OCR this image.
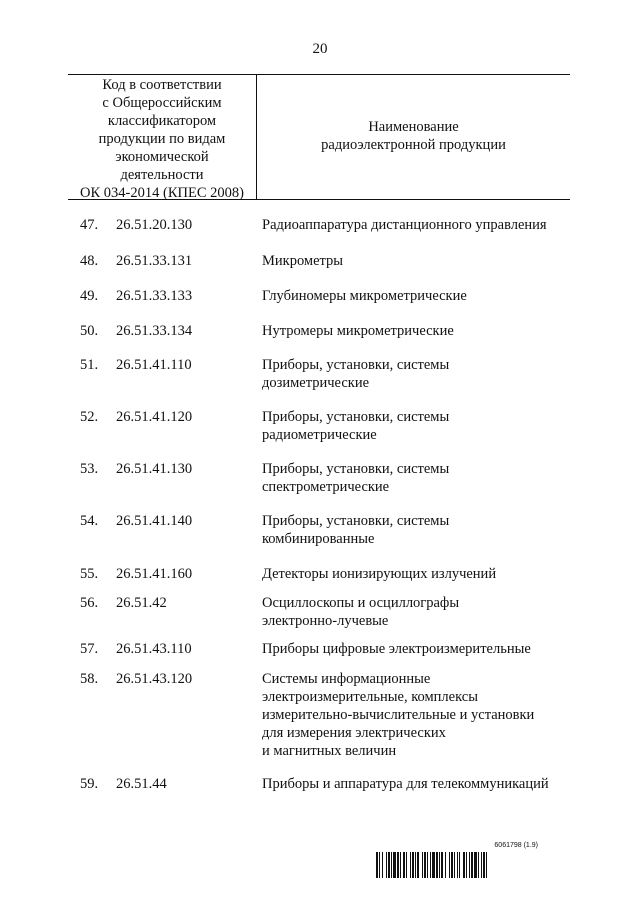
20
Код в соответствии
с Общероссийским
классификатором
продукции по видам
экономической
деятельности
ОК 034-2014 (КПЕС 2008)
Наименование
радиоэлектронной продукции
47.	26.51.20.130	Радиоаппаратура дистанционного управления
48.	26.51.33.131	Микрометры
49.	26.51.33.133	Глубиномеры микрометрические
50.	26.51.33.134	Нутромеры микрометрические
51.	26.51.41.110	Приборы, установки, системы
дозиметрические
52.	26.51.41.120	Приборы, установки, системы
радиометрические
53.	26.51.41.130	Приборы, установки, системы
спектрометрические
54.	26.51.41.140	Приборы, установки, системы
комбинированные
55.	26.51.41.160	Детекторы ионизирующих излучений
56.	26.51.42	Осциллоскопы и осциллографы
электронно-лучевые
57.	26.51.43.110	Приборы цифровые электроизмерительные
58.	26.51.43.120	Системы информационные
электроизмерительные, комплексы
измерительно-вычислительные и установки
для измерения электрических
и магнитных величин
59.	26.51.44	Приборы и аппаратура для телекоммуникаций
6061798 (1.9)
